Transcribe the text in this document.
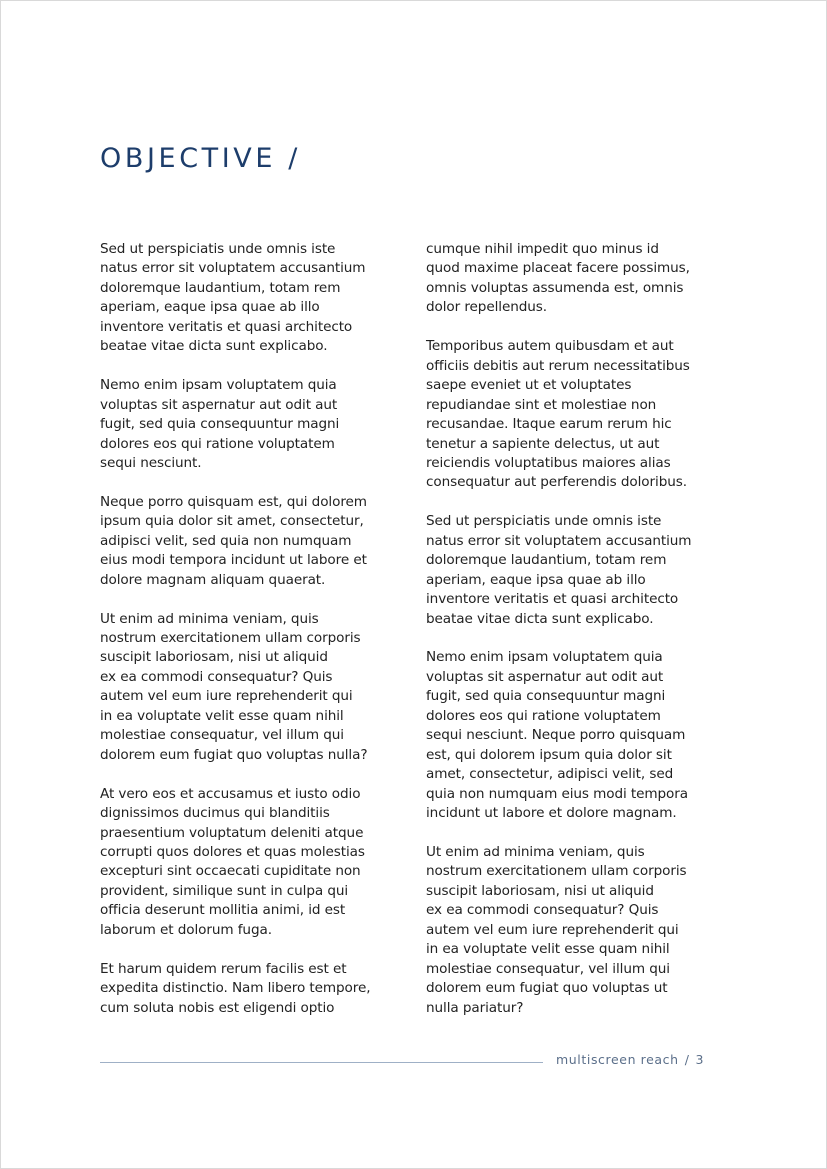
OBJECTIVE /

Sed ut perspiciatis unde omnis iste
natus error sit voluptatem accusantium
doloremque laudantium, totam rem
aperiam, eaque ipsa quae ab illo
inventore veritatis et quasi architecto
beatae vitae dicta sunt explicabo.

Nemo enim ipsam voluptatem quia
voluptas sit aspernatur aut odit aut
fugit, sed quia consequuntur magni
dolores eos qui ratione voluptatem
sequi nesciunt.

Neque porro quisquam est, qui dolorem
ipsum quia dolor sit amet, consectetur,
adipisci velit, sed quia non numquam
eius modi tempora incidunt ut labore et
dolore magnam aliquam quaerat.

Ut enim ad minima veniam, quis
nostrum exercitationem ullam corporis
suscipit laboriosam, nisi ut aliquid
ex ea commodi consequatur? Quis
autem vel eum iure reprehenderit qui
in ea voluptate velit esse quam nihil
molestiae consequatur, vel illum qui
dolorem eum fugiat quo voluptas nulla?

At vero eos et accusamus et iusto odio
dignissimos ducimus qui blanditiis
praesentium voluptatum deleniti atque
corrupti quos dolores et quas molestias
excepturi sint occaecati cupiditate non
provident, similique sunt in culpa qui
officia deserunt mollitia animi, id est
laborum et dolorum fuga.

Et harum quidem rerum facilis est et
expedita distinctio. Nam libero tempore,
cum soluta nobis est eligendi optio

cumque nihil impedit quo minus id
quod maxime placeat facere possimus,
omnis voluptas assumenda est, omnis
dolor repellendus.

Temporibus autem quibusdam et aut
officiis debitis aut rerum necessitatibus
saepe eveniet ut et voluptates
repudiandae sint et molestiae non
recusandae. Itaque earum rerum hic
tenetur a sapiente delectus, ut aut
reiciendis voluptatibus maiores alias
consequatur aut perferendis doloribus.

Sed ut perspiciatis unde omnis iste
natus error sit voluptatem accusantium
doloremque laudantium, totam rem
aperiam, eaque ipsa quae ab illo
inventore veritatis et quasi architecto
beatae vitae dicta sunt explicabo.

Nemo enim ipsam voluptatem quia
voluptas sit aspernatur aut odit aut
fugit, sed quia consequuntur magni
dolores eos qui ratione voluptatem
sequi nesciunt. Neque porro quisquam
est, qui dolorem ipsum quia dolor sit
amet, consectetur, adipisci velit, sed
quia non numquam eius modi tempora
incidunt ut labore et dolore magnam.

Ut enim ad minima veniam, quis
nostrum exercitationem ullam corporis
suscipit laboriosam, nisi ut aliquid
ex ea commodi consequatur? Quis
autem vel eum iure reprehenderit qui
in ea voluptate velit esse quam nihil
molestiae consequatur, vel illum qui
dolorem eum fugiat quo voluptas ut
nulla pariatur?

multiscreen reach / 3
